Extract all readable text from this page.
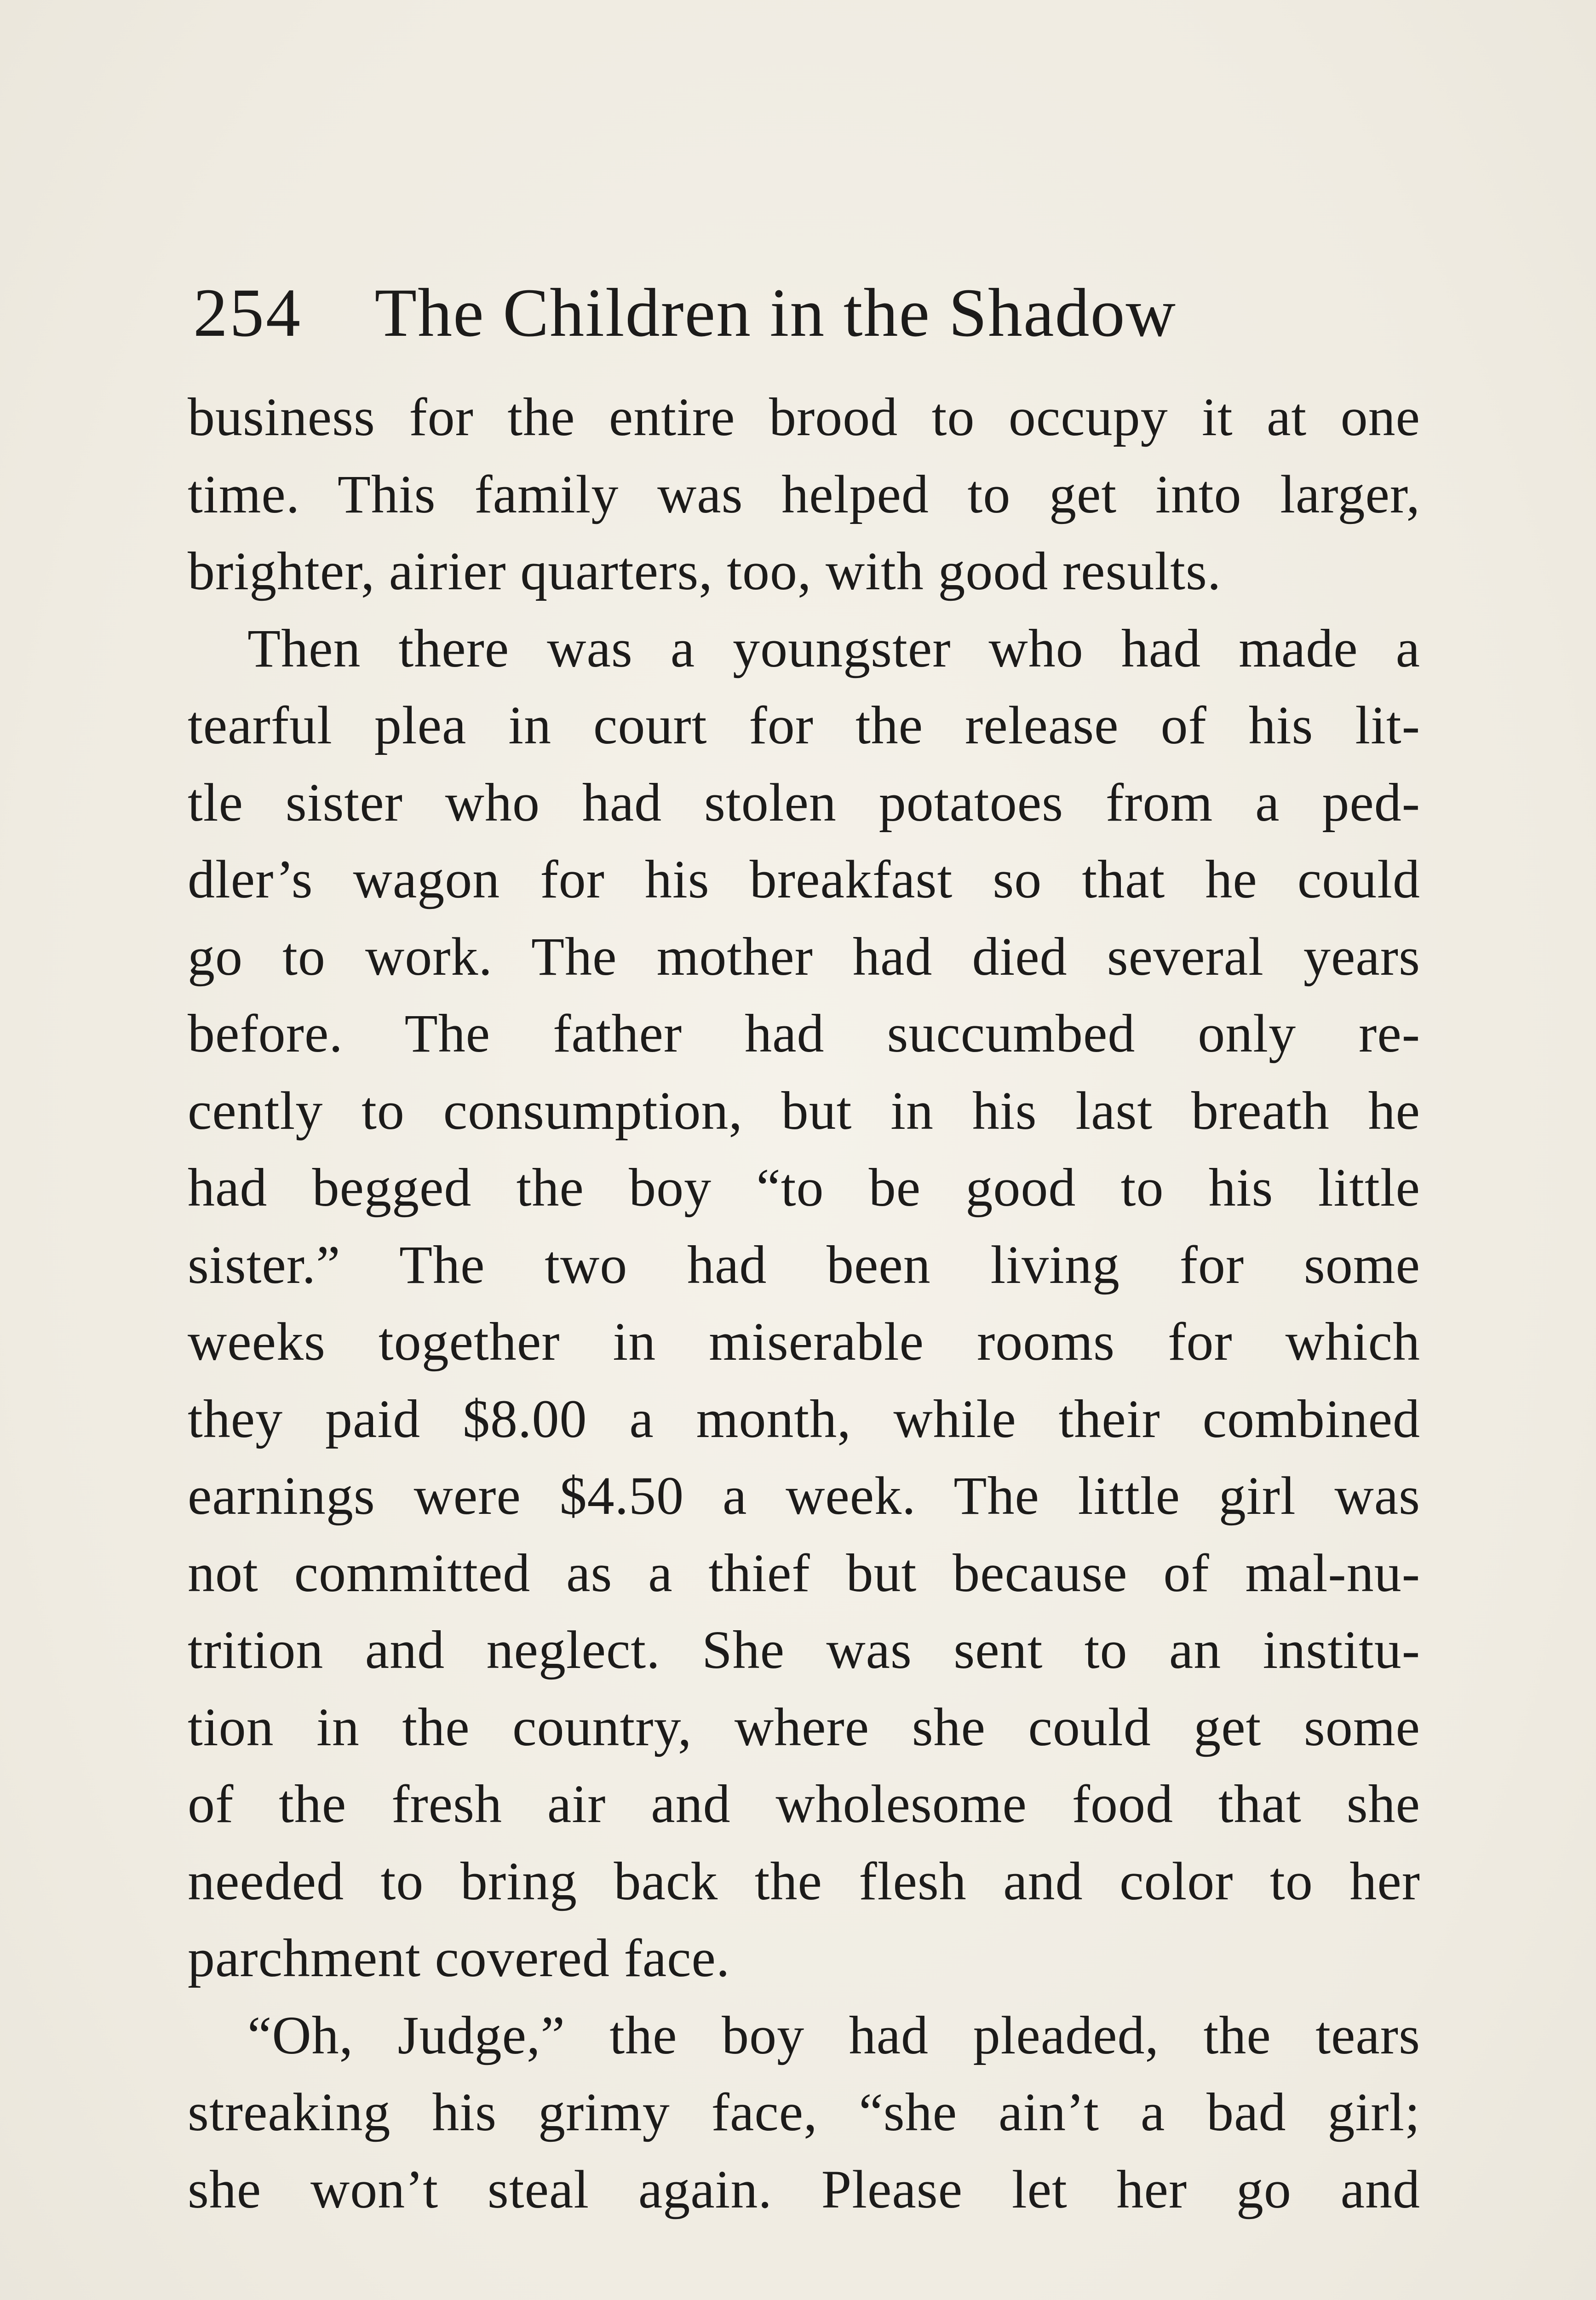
254 The Children in the Shadow
business for the entire brood to occupy it at one
time. This family was helped to get into larger,
brighter, airier quarters, too, with good results.
Then there was a youngster who had made a
tearful plea in court for the release of his lit-
tle sister who had stolen potatoes from a ped-
dler’s wagon for his breakfast so that he could
go to work. The mother had died several years
before. The father had succumbed only re-
cently to consumption, but in his last breath he
had begged the boy “to be good to his little
sister.” The two had been living for some
weeks together in miserable rooms for which
they paid $8.00 a month, while their combined
earnings were $4.50 a week. The little girl was
not committed as a thief but because of mal-nu-
trition and neglect. She was sent to an institu-
tion in the country, where she could get some
of the fresh air and wholesome food that she
needed to bring back the flesh and color to her
parchment covered face.
“Oh, Judge,” the boy had pleaded, the tears
streaking his grimy face, “she ain’t a bad girl;
she won’t steal again. Please let her go and
